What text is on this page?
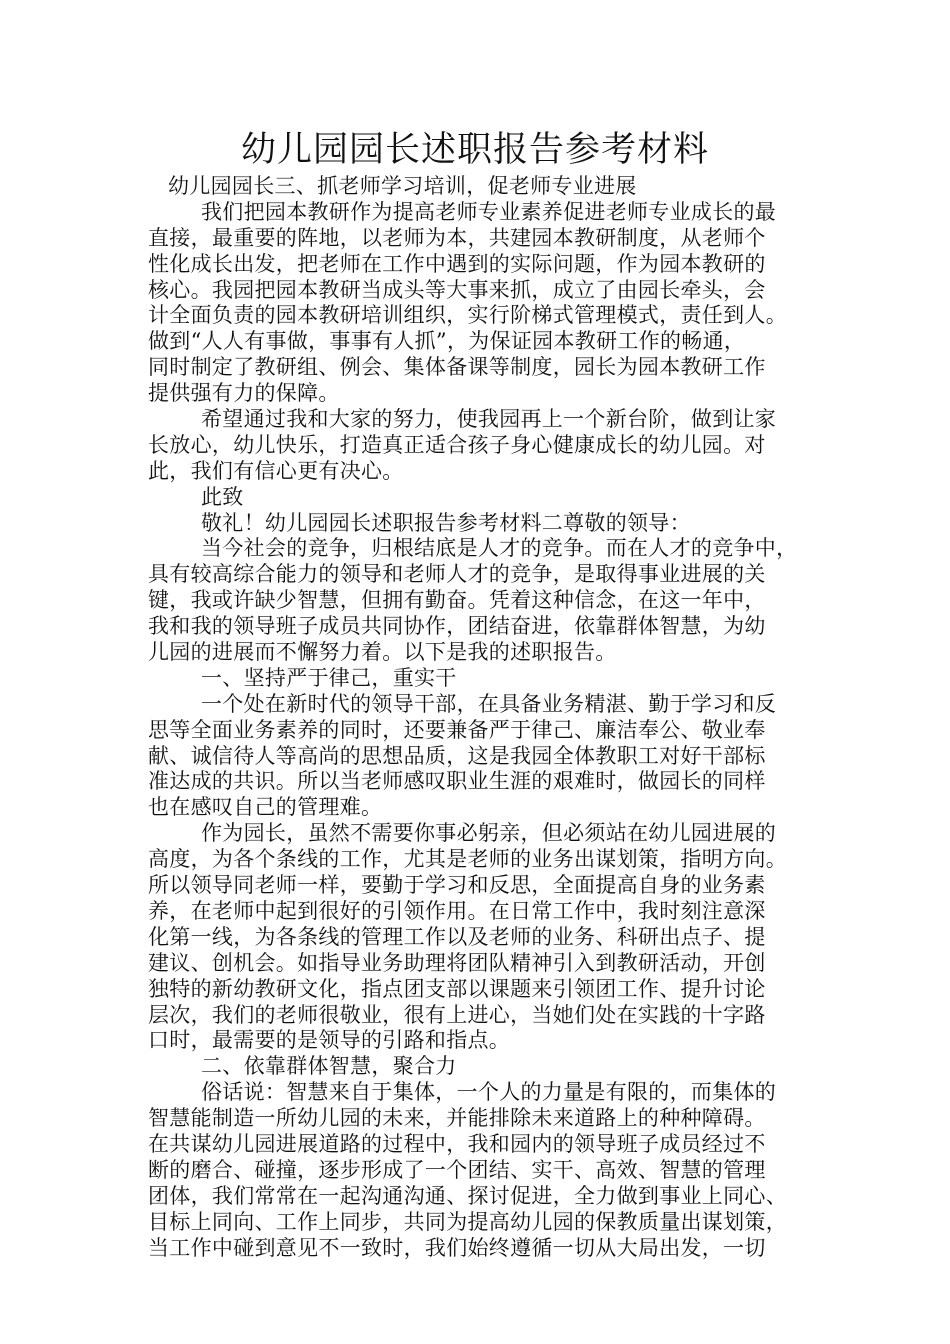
幼儿园园长述职报告参考材料
幼儿园园长三、抓老师学习培训，促老师专业进展
我们把园本教研作为提高老师专业素养促进老师专业成长的最
直接，最重要的阵地，以老师为本，共建园本教研制度，从老师个
性化成长出发，把老师在工作中遇到的实际问题，作为园本教研的
核心。我园把园本教研当成头等大事来抓，成立了由园长牵头，会
计全面负责的园本教研培训组织，实行阶梯式管理模式，责任到人。
做到“人人有事做，事事有人抓”，为保证园本教研工作的畅通，
同时制定了教研组、例会、集体备课等制度，园长为园本教研工作
提供强有力的保障。
希望通过我和大家的努力，使我园再上一个新台阶，做到让家
长放心，幼儿快乐，打造真正适合孩子身心健康成长的幼儿园。对
此，我们有信心更有决心。
此致
敬礼！幼儿园园长述职报告参考材料二尊敬的领导：
当今社会的竞争，归根结底是人才的竞争。而在人才的竞争中，
具有较高综合能力的领导和老师人才的竞争，是取得事业进展的关
键，我或许缺少智慧，但拥有勤奋。凭着这种信念，在这一年中，
我和我的领导班子成员共同协作，团结奋进，依靠群体智慧，为幼
儿园的进展而不懈努力着。以下是我的述职报告。
一、坚持严于律己，重实干
一个处在新时代的领导干部，在具备业务精湛、勤于学习和反
思等全面业务素养的同时，还要兼备严于律己、廉洁奉公、敬业奉
献、诚信待人等高尚的思想品质，这是我园全体教职工对好干部标
准达成的共识。所以当老师感叹职业生涯的艰难时，做园长的同样
也在感叹自己的管理难。
作为园长，虽然不需要你事必躬亲，但必须站在幼儿园进展的
高度，为各个条线的工作，尤其是老师的业务出谋划策，指明方向。
所以领导同老师一样，要勤于学习和反思，全面提高自身的业务素
养，在老师中起到很好的引领作用。在日常工作中，我时刻注意深
化第一线，为各条线的管理工作以及老师的业务、科研出点子、提
建议、创机会。如指导业务助理将团队精神引入到教研活动，开创
独特的新幼教研文化，指点团支部以课题来引领团工作、提升讨论
层次，我们的老师很敬业，很有上进心，当她们处在实践的十字路
口时，最需要的是领导的引路和指点。
二、依靠群体智慧，聚合力
俗话说：智慧来自于集体，一个人的力量是有限的，而集体的
智慧能制造一所幼儿园的未来，并能排除未来道路上的种种障碍。
在共谋幼儿园进展道路的过程中，我和园内的领导班子成员经过不
断的磨合、碰撞，逐步形成了一个团结、实干、高效、智慧的管理
团体，我们常常在一起沟通沟通、探讨促进，全力做到事业上同心、
目标上同向、工作上同步，共同为提高幼儿园的保教质量出谋划策，
当工作中碰到意见不一致时，我们始终遵循一切从大局出发，一切
